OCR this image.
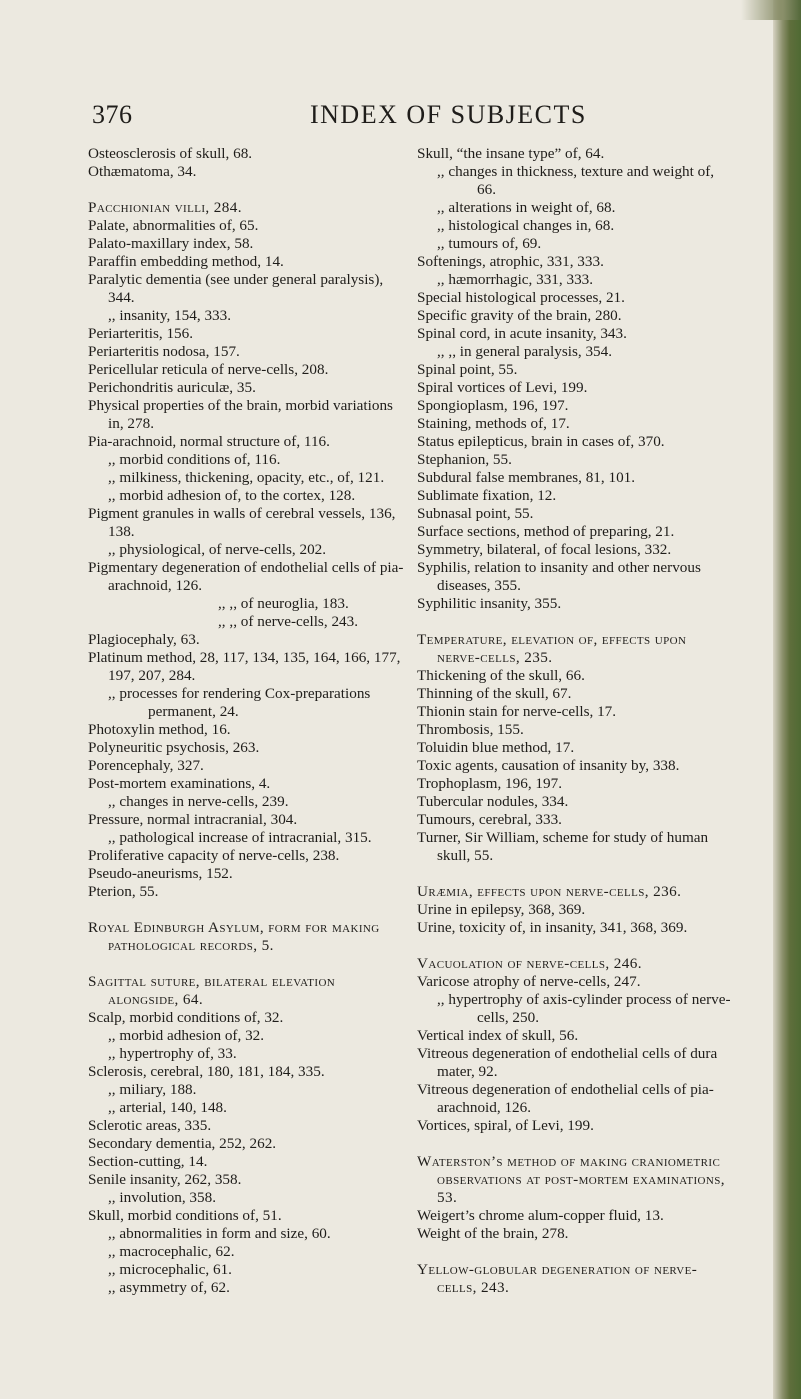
376	INDEX OF SUBJECTS

Osteosclerosis of skull, 68.

Othæmatoma, 34.

Pacchionian villi, 284.

Palate, abnormalities of, 65.

Palato-maxillary index, 58.

Paraffin embedding method, 14.

Paralytic dementia (see under general paralysis), 344.

,, insanity, 154, 333.

Periarteritis, 156.

Periarteritis nodosa, 157.

Pericellular reticula of nerve-cells, 208.

Perichondritis auriculæ, 35.

Physical properties of the brain, morbid variations in, 278.

Pia-arachnoid, normal structure of, 116.

,, morbid conditions of, 116.

,, milkiness, thickening, opacity, etc., of, 121.

,, morbid adhesion of, to the cortex, 128.

Pigment granules in walls of cerebral vessels, 136, 138.

,, physiological, of nerve-cells, 202.

Pigmentary degeneration of endothelial cells of pia-arachnoid, 126.

,, ,, of neuroglia, 183.

,, ,, of nerve-cells, 243.

Plagiocephaly, 63.

Platinum method, 28, 117, 134, 135, 164, 166, 177, 197, 207, 284.

,, processes for rendering Cox-preparations permanent, 24.

Photoxylin method, 16.

Polyneuritic psychosis, 263.

Porencephaly, 327.

Post-mortem examinations, 4.

,, changes in nerve-cells, 239.

Pressure, normal intracranial, 304.

,, pathological increase of intracranial, 315.

Proliferative capacity of nerve-cells, 238.

Pseudo-aneurisms, 152.

Pterion, 55.

Royal Edinburgh Asylum, form for making pathological records, 5.

Sagittal suture, bilateral elevation alongside, 64.

Scalp, morbid conditions of, 32.

,, morbid adhesion of, 32.

,, hypertrophy of, 33.

Sclerosis, cerebral, 180, 181, 184, 335.

,, miliary, 188.

,, arterial, 140, 148.

Sclerotic areas, 335.

Secondary dementia, 252, 262.

Section-cutting, 14.

Senile insanity, 262, 358.

,, involution, 358.

Skull, morbid conditions of, 51.

,, abnormalities in form and size, 60.

,, macrocephalic, 62.

,, microcephalic, 61.

,, asymmetry of, 62.

Skull, “the insane type” of, 64.

,, changes in thickness, texture and weight of, 66.

,, alterations in weight of, 68.

,, histological changes in, 68.

,, tumours of, 69.

Softenings, atrophic, 331, 333.

,, hæmorrhagic, 331, 333.

Special histological processes, 21.

Specific gravity of the brain, 280.

Spinal cord, in acute insanity, 343.

,, ,, in general paralysis, 354.

Spinal point, 55.

Spiral vortices of Levi, 199.

Spongioplasm, 196, 197.

Staining, methods of, 17.

Status epilepticus, brain in cases of, 370.

Stephanion, 55.

Subdural false membranes, 81, 101.

Sublimate fixation, 12.

Subnasal point, 55.

Surface sections, method of preparing, 21.

Symmetry, bilateral, of focal lesions, 332.

Syphilis, relation to insanity and other nervous diseases, 355.

Syphilitic insanity, 355.

Temperature, elevation of, effects upon nerve-cells, 235.

Thickening of the skull, 66.

Thinning of the skull, 67.

Thionin stain for nerve-cells, 17.

Thrombosis, 155.

Toluidin blue method, 17.

Toxic agents, causation of insanity by, 338.

Trophoplasm, 196, 197.

Tubercular nodules, 334.

Tumours, cerebral, 333.

Turner, Sir William, scheme for study of human skull, 55.

Uræmia, effects upon nerve-cells, 236.

Urine in epilepsy, 368, 369.

Urine, toxicity of, in insanity, 341, 368, 369.

Vacuolation of nerve-cells, 246.

Varicose atrophy of nerve-cells, 247.

,, hypertrophy of axis-cylinder process of nerve-cells, 250.

Vertical index of skull, 56.

Vitreous degeneration of endothelial cells of dura mater, 92.

Vitreous degeneration of endothelial cells of pia-arachnoid, 126.

Vortices, spiral, of Levi, 199.

Waterston’s method of making craniometric observations at post-mortem examinations, 53.

Weigert’s chrome alum-copper fluid, 13.

Weight of the brain, 278.

Yellow-globular degeneration of nerve-cells, 243.
